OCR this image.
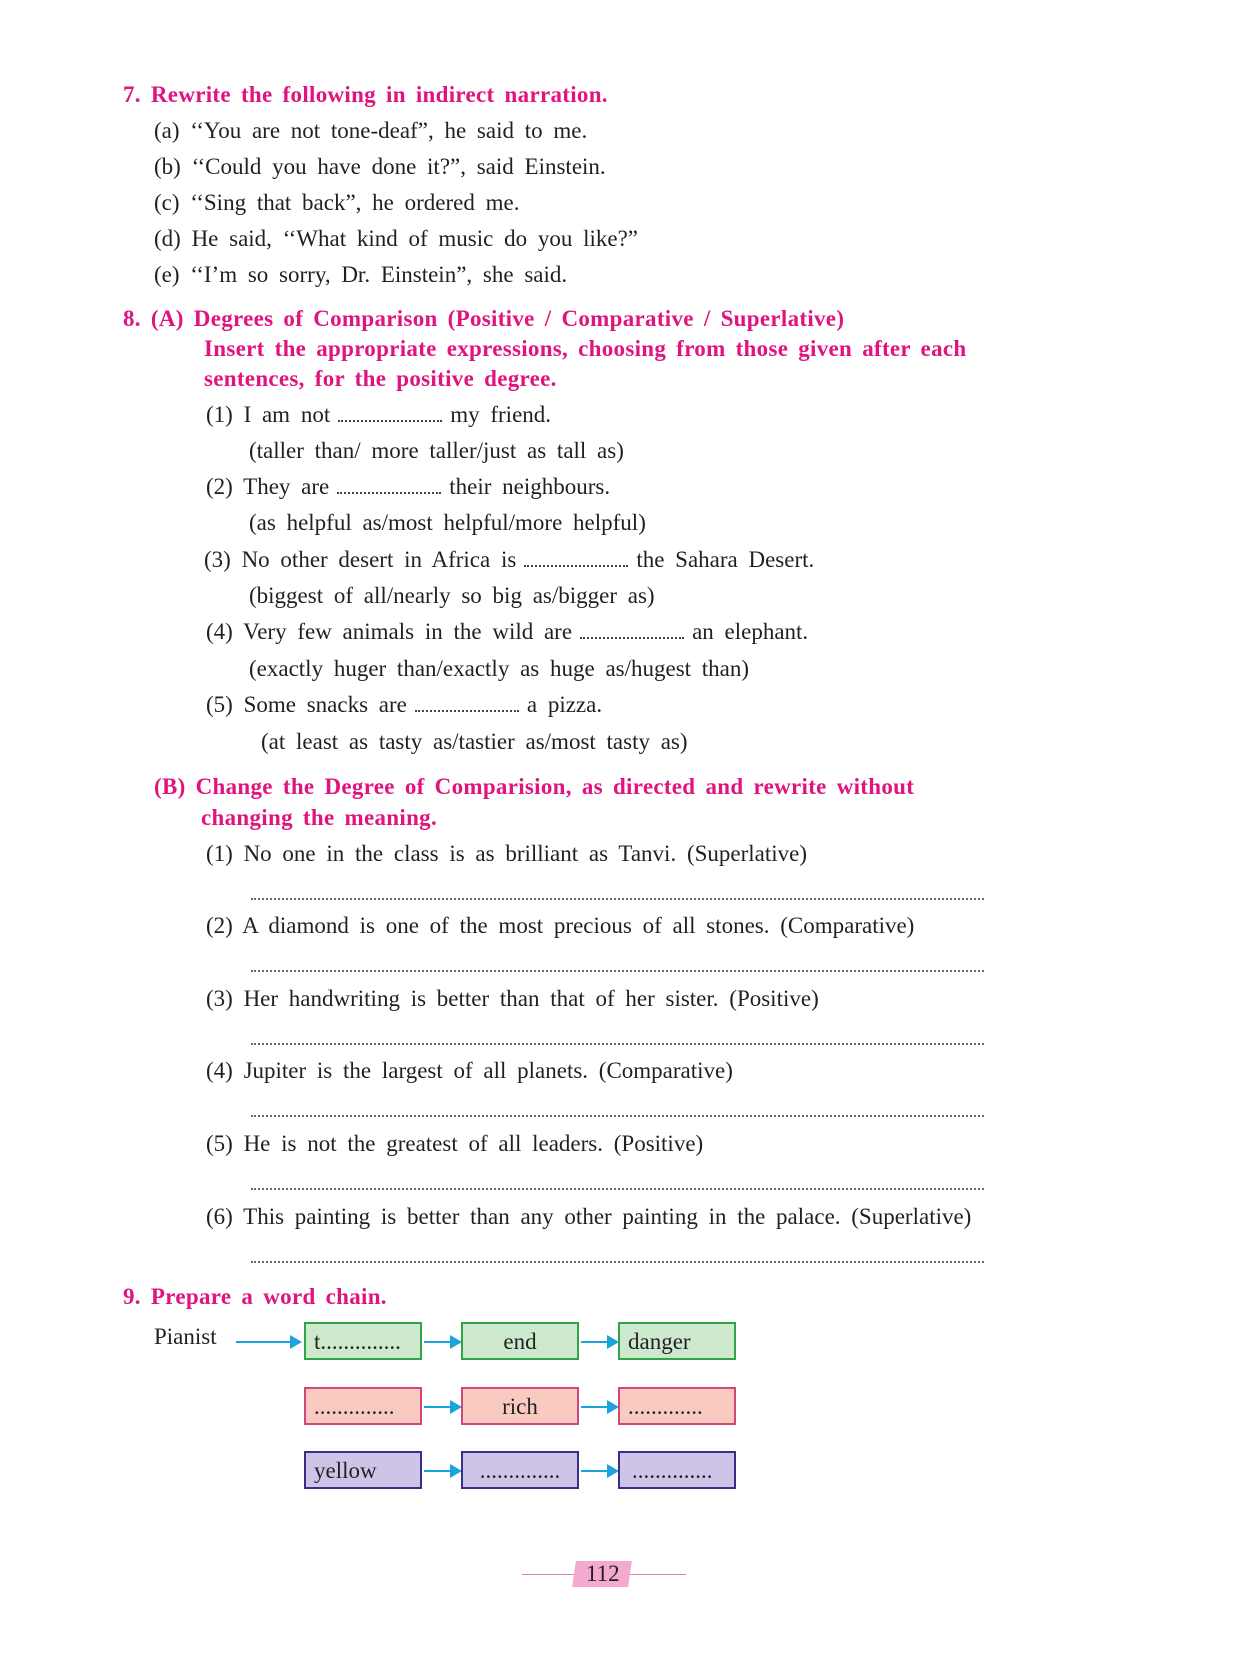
7. Rewrite the following in indirect narration.
(a) ‘‘You are not tone-deaf”, he said to me.
(b) ‘‘Could you have done it?”, said Einstein.
(c) ‘‘Sing that back”, he ordered me.
(d) He said, ‘‘What kind of music do you like?”
(e) ‘‘I’m so sorry, Dr. Einstein”, she said.
8. (A) Degrees of Comparison (Positive / Comparative / Superlative)
Insert the appropriate expressions, choosing from those given after each
sentences, for the positive degree.
(1) I am not	my friend.
(taller than/ more taller/just as tall as)
(2) They are	their neighbours.
(as helpful as/most helpful/more helpful)
(3) No other desert in Africa is	the Sahara Desert.
(biggest of all/nearly so big as/bigger as)
(4) Very few animals in the wild are	an elephant.
(exactly huger than/exactly as huge as/hugest than)
(5) Some snacks are	a pizza.
(at least as tasty as/tastier as/most tasty as)
(B) Change the Degree of Comparision, as directed and rewrite without
changing the meaning.
(1) No one in the class is as brilliant as Tanvi. (Superlative)
(2) A diamond is one of the most precious of all stones. (Comparative)
(3) Her handwriting is better than that of her sister. (Positive)
(4) Jupiter is the largest of all planets. (Comparative)
(5) He is not the greatest of all leaders. (Positive)
(6) This painting is better than any other painting in the palace. (Superlative)
9. Prepare a word chain.
Pianist	t..............	end	danger
..............	rich	.............
yellow	..............	..............
112
